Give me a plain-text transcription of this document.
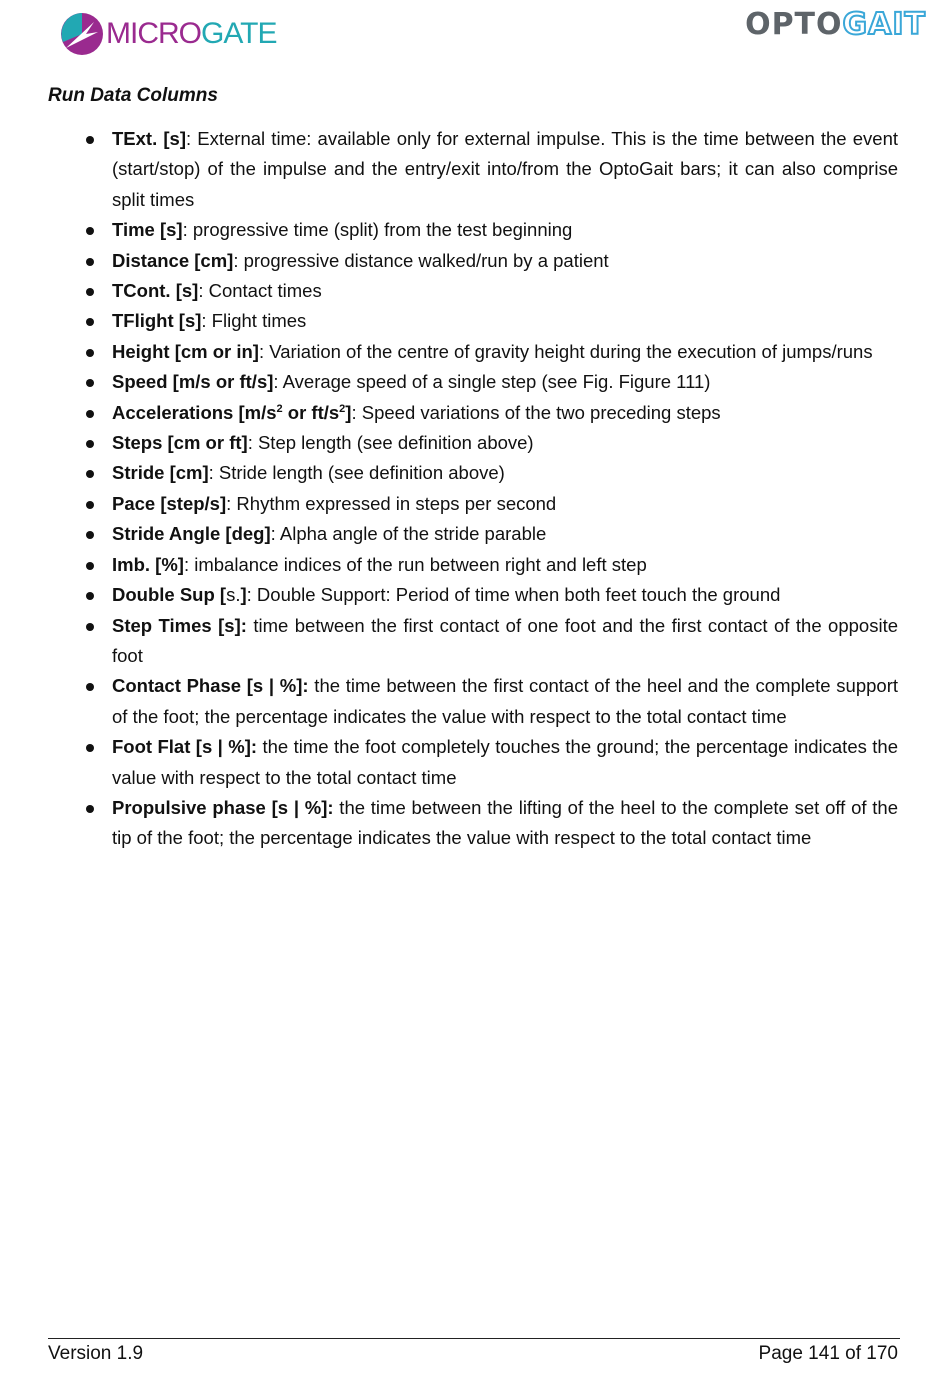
MICROGATE	OPTOGAIT
Run Data Columns
TExt. [s]: External time: available only for external impulse. This is the time between the event (start/stop) of the impulse and the entry/exit into/from the OptoGait bars; it can also comprise split times
Time [s]: progressive time (split) from the test beginning
Distance [cm]: progressive distance walked/run by a patient
TCont. [s]: Contact times
TFlight [s]: Flight times
Height [cm or in]: Variation of the centre of gravity height during the execution of jumps/runs
Speed [m/s or ft/s]: Average speed of a single step (see Fig. Figure 111)
Accelerations [$m/s^2$ or $ft/s^2$]: Speed variations of the two preceding steps
Steps [cm or ft]: Step length (see definition above)
Stride [cm]: Stride length (see definition above)
Pace [step/s]: Rhythm expressed in steps per second
Stride Angle [deg]: Alpha angle of the stride parable
Imb. [%]: imbalance indices of the run between right and left step
Double Sup [s.]: Double Support: Period of time when both feet touch the ground
Step Times [s]: time between the first contact of one foot and the first contact of the opposite foot
Contact Phase [s | %]: the time between the first contact of the heel and the complete support of the foot; the percentage indicates the value with respect to the total contact time
Foot Flat [s | %]: the time the foot completely touches the ground; the percentage indicates the value with respect to the total contact time
Propulsive phase [s | %]: the time between the lifting of the heel to the complete set off of the tip of the foot; the percentage indicates the value with respect to the total contact time
Version 1.9	Page 141 of 170
